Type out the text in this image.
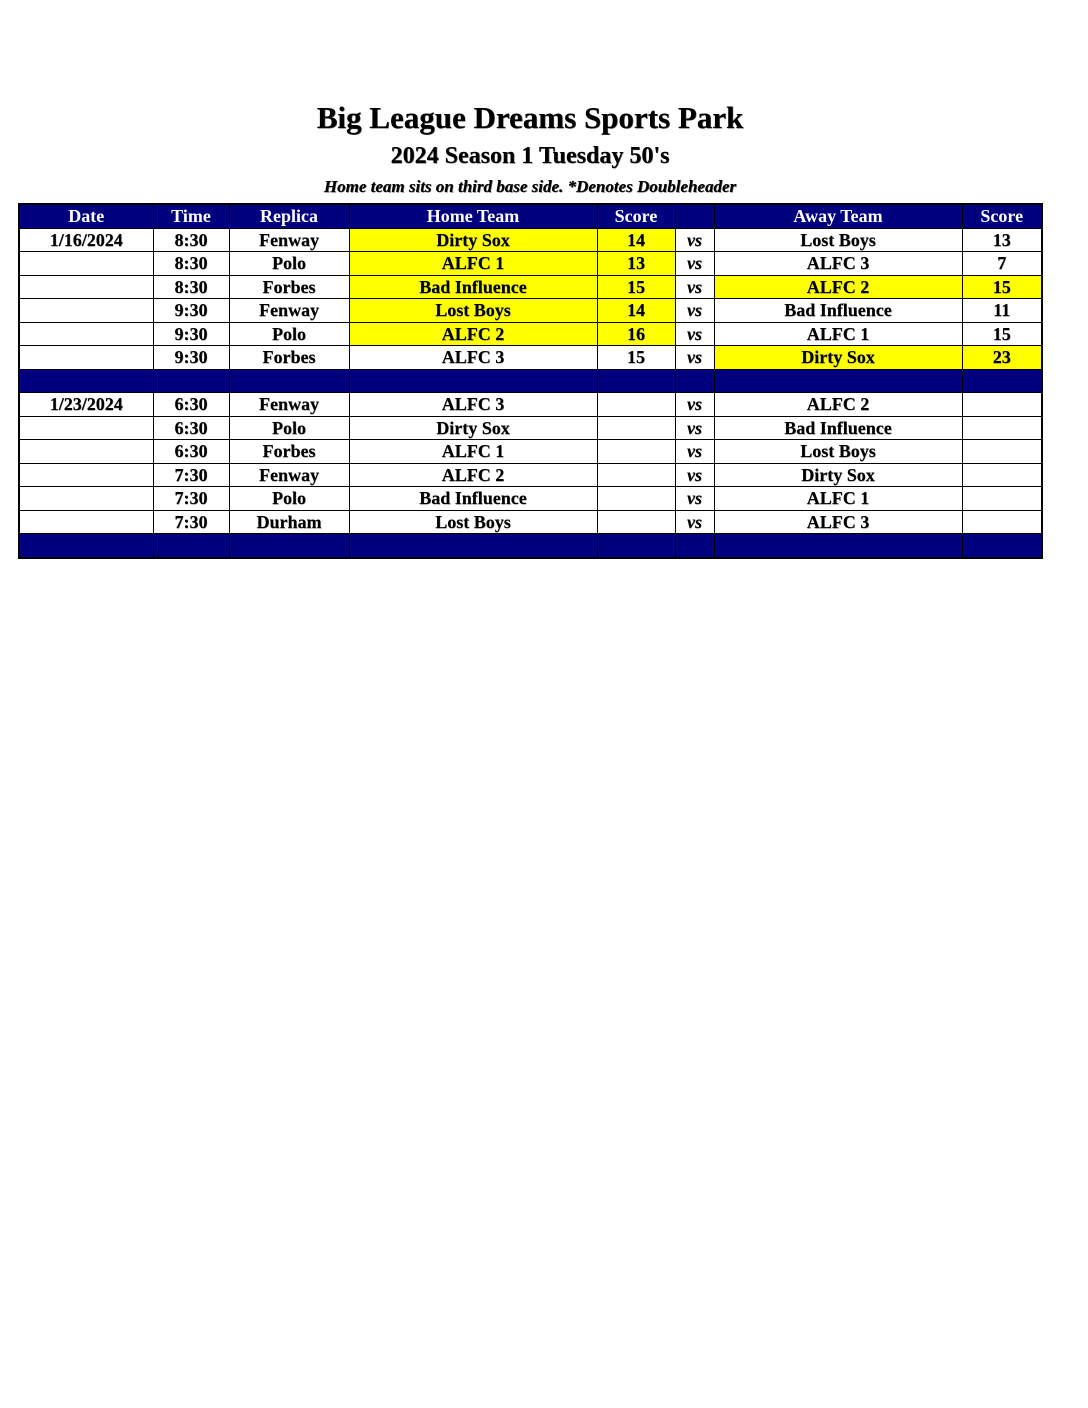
Big League Dreams Sports Park
2024 Season 1 Tuesday 50's
Home team sits on third base side. *Denotes Doubleheader
Date	Time	Replica	Home Team	Score		Away Team	Score
1/16/2024	8:30	Fenway	Dirty Sox	14	vs	Lost Boys	13
	8:30	Polo	ALFC 1	13	vs	ALFC 3	7
	8:30	Forbes	Bad Influence	15	vs	ALFC 2	15
	9:30	Fenway	Lost Boys	14	vs	Bad Influence	11
	9:30	Polo	ALFC 2	16	vs	ALFC 1	15
	9:30	Forbes	ALFC 3	15	vs	Dirty Sox	23

1/23/2024	6:30	Fenway	ALFC 3		vs	ALFC 2	
	6:30	Polo	Dirty Sox		vs	Bad Influence	
	6:30	Forbes	ALFC 1		vs	Lost Boys	
	7:30	Fenway	ALFC 2		vs	Dirty Sox	
	7:30	Polo	Bad Influence		vs	ALFC 1	
	7:30	Durham	Lost Boys		vs	ALFC 3	
